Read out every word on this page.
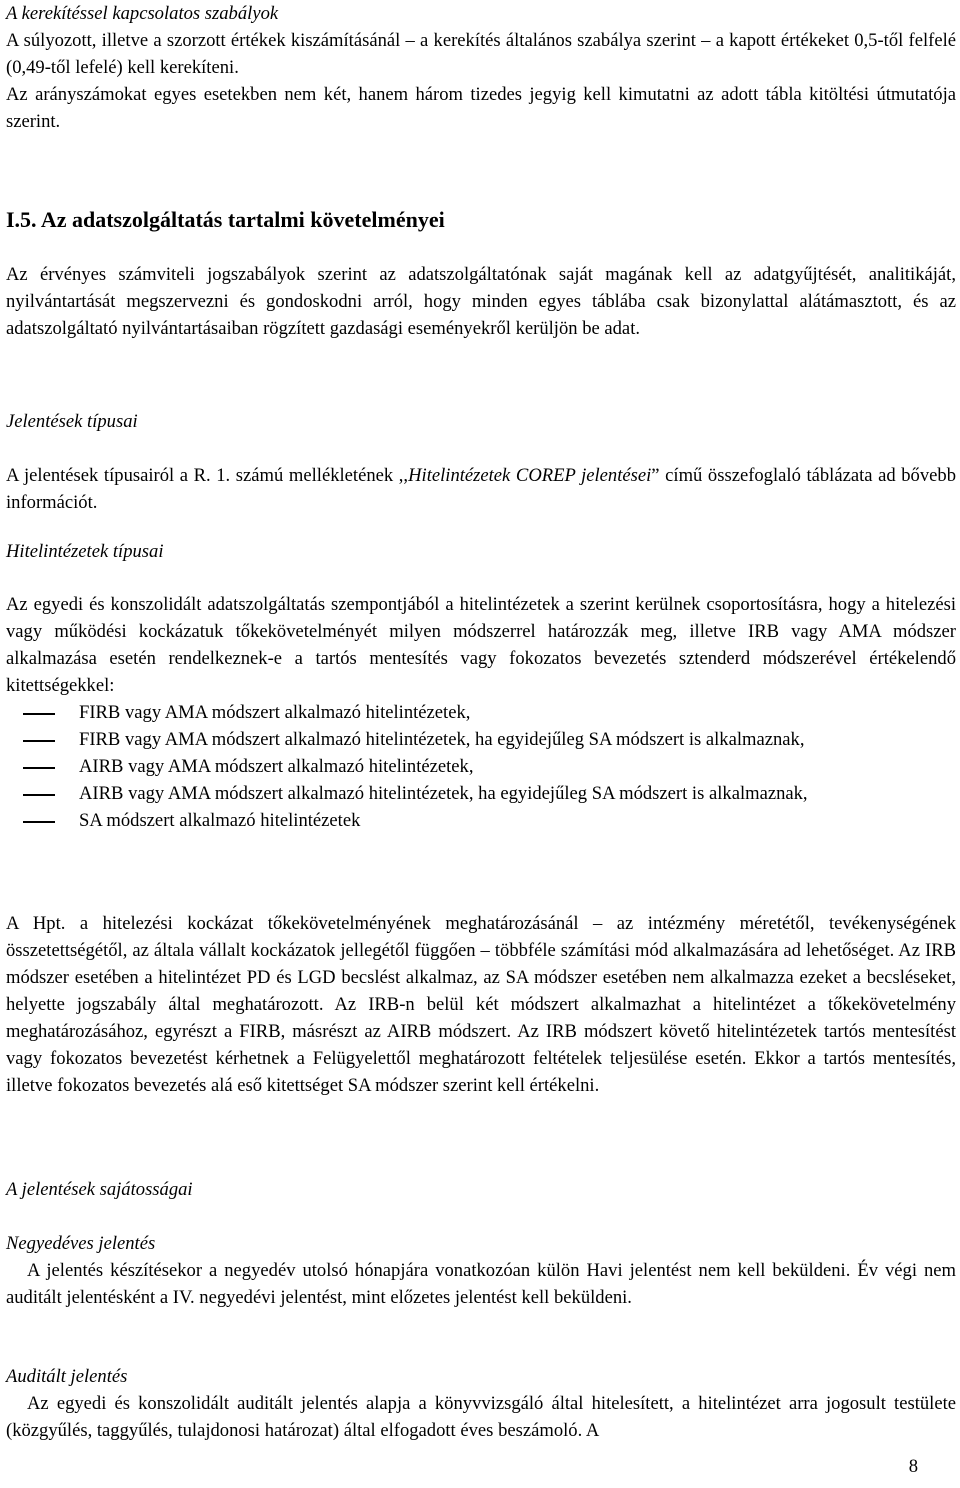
A kerekítéssel kapcsolatos szabályok

A súlyozott, illetve a szorzott értékek kiszámításánál – a kerekítés általános szabálya szerint – a kapott értékeket 0,5-től felfelé (0,49-től lefelé) kell kerekíteni.

Az arányszámokat egyes esetekben nem két, hanem három tizedes jegyig kell kimutatni az adott tábla kitöltési útmutatója szerint.

I.5. Az adatszolgáltatás tartalmi követelményei

Az érvényes számviteli jogszabályok szerint az adatszolgáltatónak saját magának kell az adatgyűjtését, analitikáját, nyilvántartását megszervezni és gondoskodni arról, hogy minden egyes táblába csak bizonylattal alátámasztott, és az adatszolgáltató nyilvántartásaiban rögzített gazdasági eseményekről kerüljön be adat.

Jelentések típusai

A jelentések típusairól a R. 1. számú mellékletének ,,Hitelintézetek COREP jelentései” című összefoglaló táblázata ad bővebb információt.

Hitelintézetek típusai

Az egyedi és konszolidált adatszolgáltatás szempontjából a hitelintézetek a szerint kerülnek csoportosításra, hogy a hitelezési vagy működési kockázatuk tőkekövetelményét milyen módszerrel határozzák meg, illetve IRB vagy AMA módszer alkalmazása esetén rendelkeznek-e a tartós mentesítés vagy fokozatos bevezetés sztenderd módszerével értékelendő kitettségekkel:

FIRB vagy AMA módszert alkalmazó hitelintézetek,
FIRB vagy AMA módszert alkalmazó hitelintézetek, ha egyidejűleg SA módszert is alkalmaznak,
AIRB vagy AMA módszert alkalmazó hitelintézetek,
AIRB vagy AMA módszert alkalmazó hitelintézetek, ha egyidejűleg SA módszert is alkalmaznak,
SA módszert alkalmazó hitelintézetek

A Hpt. a hitelezési kockázat tőkekövetelményének meghatározásánál – az intézmény méretétől, tevékenységének összetettségétől, az általa vállalt kockázatok jellegétől függően – többféle számítási mód alkalmazására ad lehetőséget. Az IRB módszer esetében a hitelintézet PD és LGD becslést alkalmaz, az SA módszer esetében nem alkalmazza ezeket a becsléseket, helyette jogszabály által meghatározott. Az IRB-n belül két módszert alkalmazhat a hitelintézet a tőkekövetelmény meghatározásához, egyrészt a FIRB, másrészt az AIRB módszert. Az IRB módszert követő hitelintézetek tartós mentesítést vagy fokozatos bevezetést kérhetnek a Felügyelettől meghatározott feltételek teljesülése esetén. Ekkor a tartós mentesítés, illetve fokozatos bevezetés alá eső kitettséget SA módszer szerint kell értékelni.

A jelentések sajátosságai

Negyedéves jelentés

A jelentés készítésekor a negyedév utolsó hónapjára vonatkozóan külön Havi jelentést nem kell beküldeni. Év végi nem auditált jelentésként a IV. negyedévi jelentést, mint előzetes jelentést kell beküldeni.

Auditált jelentés

Az egyedi és konszolidált auditált jelentés alapja a könyvvizsgáló által hitelesített, a hitelintézet arra jogosult testülete (közgyűlés, taggyűlés, tulajdonosi határozat) által elfogadott éves beszámoló. A

8
